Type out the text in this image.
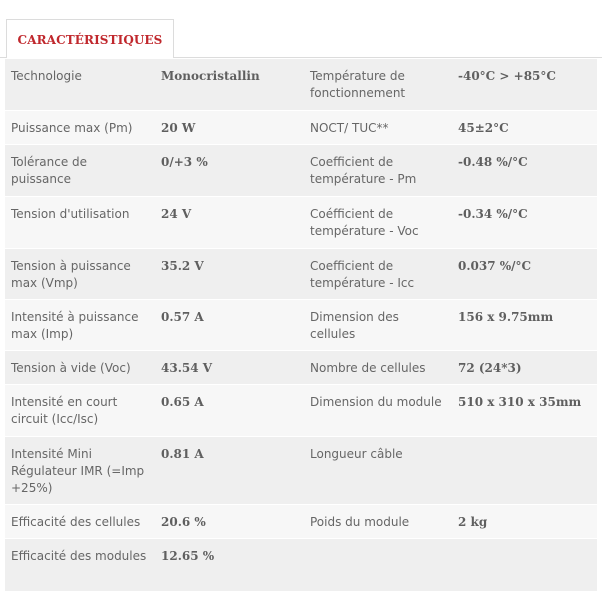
CARACTÉRISTIQUES
Technologie	Monocristallin	Température de fonctionnement	-40°C > +85°C
Puissance max (Pm)	20 W	NOCT/ TUC**	45±2°C
Tolérance de puissance	0/+3 %	Coefficient de température - Pm	-0.48 %/°C
Tension d'utilisation	24 V	Coéfficient de température - Voc	-0.34 %/°C
Tension à puissance max (Vmp)	35.2 V	Coefficient de température - Icc	0.037 %/°C
Intensité à puissance max (Imp)	0.57 A	Dimension des cellules	156 x 9.75mm
Tension à vide (Voc)	43.54 V	Nombre de cellules	72 (24*3)
Intensité en court circuit (Icc/Isc)	0.65 A	Dimension du module	510 x 310 x 35mm
Intensité Mini Régulateur IMR (=Imp +25%)	0.81 A	Longueur câble	
Efficacité des cellules	20.6 %	Poids du module	2 kg
Efficacité des modules	12.65 %		
